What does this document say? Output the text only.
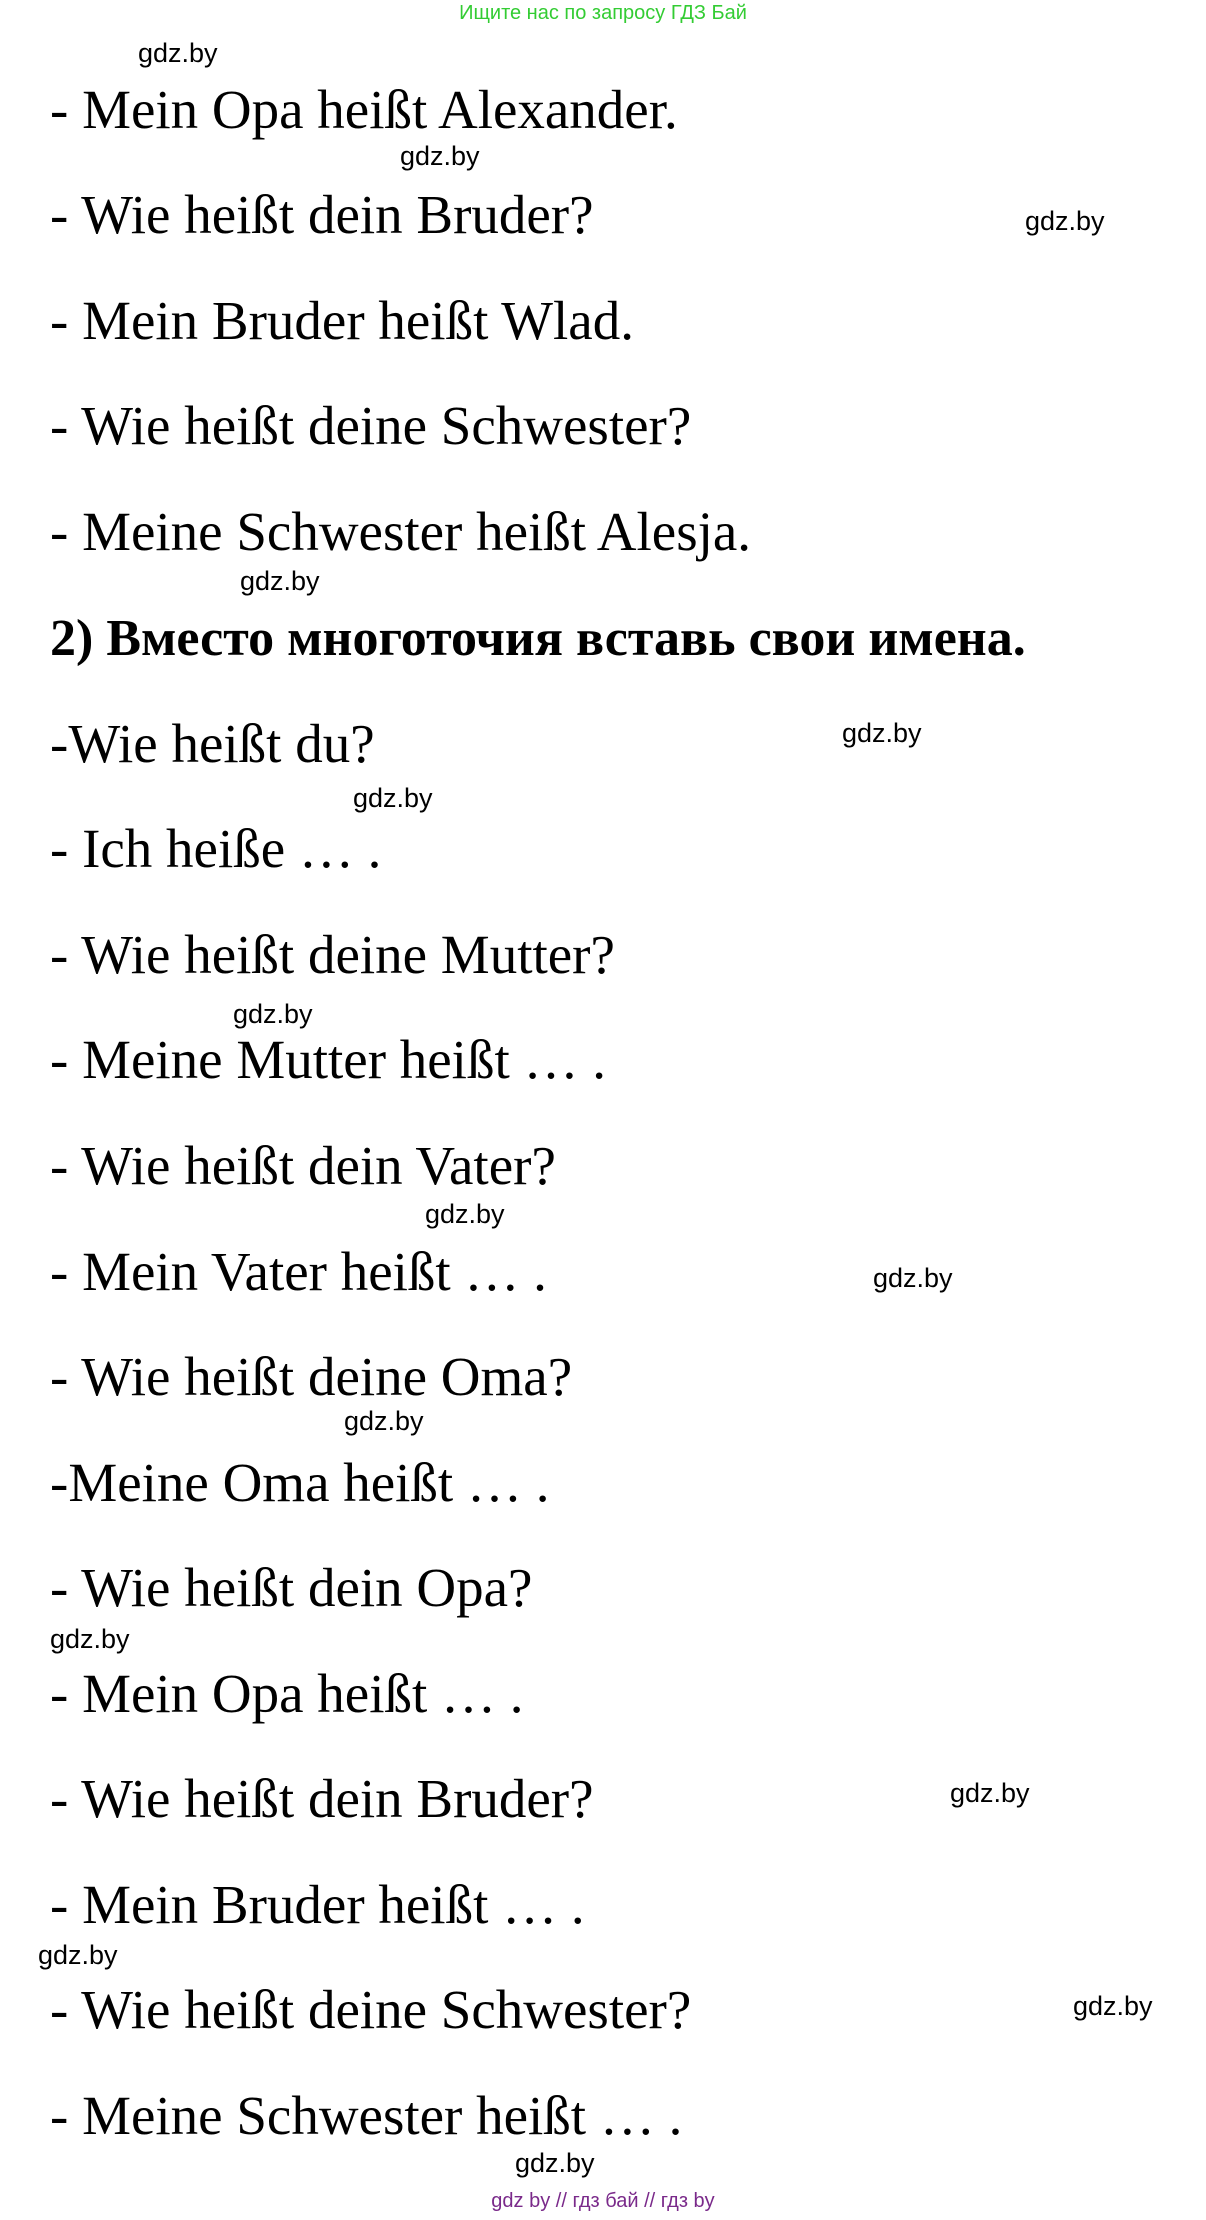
Ищите нас по запросу ГДЗ Бай
- Mein Opa heißt Alexander.
- Wie heißt dein Bruder?
- Mein Bruder heißt Wlad.
- Wie heißt deine Schwester?
- Meine Schwester heißt Alesja.
2) Вместо многоточия вставь свои имена.
-Wie heißt du?
- Ich heiße … .
- Wie heißt deine Mutter?
- Meine Mutter heißt … .
- Wie heißt dein Vater?
- Mein Vater heißt … .
- Wie heißt deine Oma?
-Meine Oma heißt … .
- Wie heißt dein Opa?
- Mein Opa heißt … .
- Wie heißt dein Bruder?
- Mein Bruder heißt … .
- Wie heißt deine Schwester?
- Meine Schwester heißt … .
gdz.by
gdz.by
gdz.by
gdz.by
gdz.by
gdz.by
gdz.by
gdz.by
gdz.by
gdz.by
gdz.by
gdz.by
gdz.by
gdz.by
gdz.by
gdz by // гдз бай // гдз by
